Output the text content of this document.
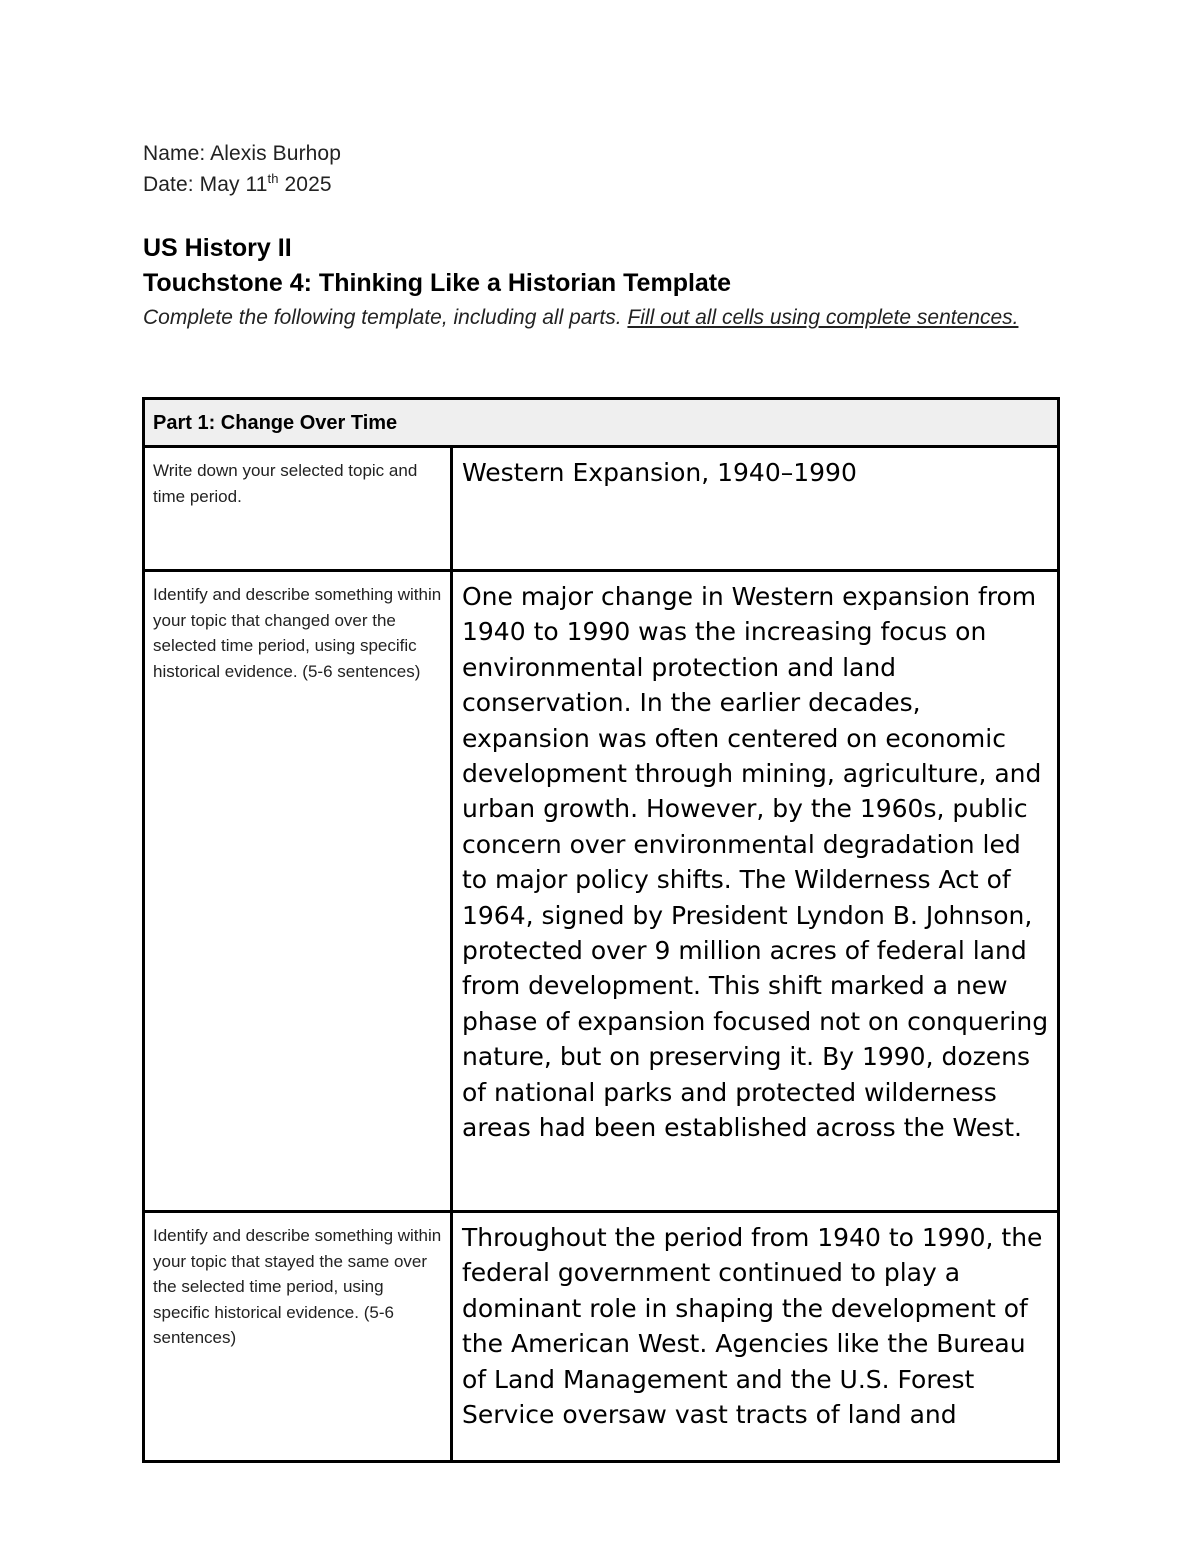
Name: Alexis Burhop
Date: May 11th 2025
US History II
Touchstone 4: Thinking Like a Historian Template
Complete the following template, including all parts. Fill out all cells using complete sentences.
Part 1: Change Over Time	
Write down your selected topic and time period.	Western Expansion, 1940–1990
Identify and describe something within your topic that changed over the selected time period, using specific historical evidence. (5-6 sentences)	One major change in Western expansion from 1940 to 1990 was the increasing focus on environmental protection and land conservation. In the earlier decades, expansion was often centered on economic development through mining, agriculture, and urban growth. However, by the 1960s, public concern over environmental degradation led to major policy shifts. The Wilderness Act of 1964, signed by President Lyndon B. Johnson, protected over 9 million acres of federal land from development. This shift marked a new phase of expansion focused not on conquering nature, but on preserving it. By 1990, dozens of national parks and protected wilderness areas had been established across the West.
Identify and describe something within your topic that stayed the same over the selected time period, using specific historical evidence. (5-6 sentences)	Throughout the period from 1940 to 1990, the federal government continued to play a dominant role in shaping the development of the American West. Agencies like the Bureau of Land Management and the U.S. Forest Service oversaw vast tracts of land and
